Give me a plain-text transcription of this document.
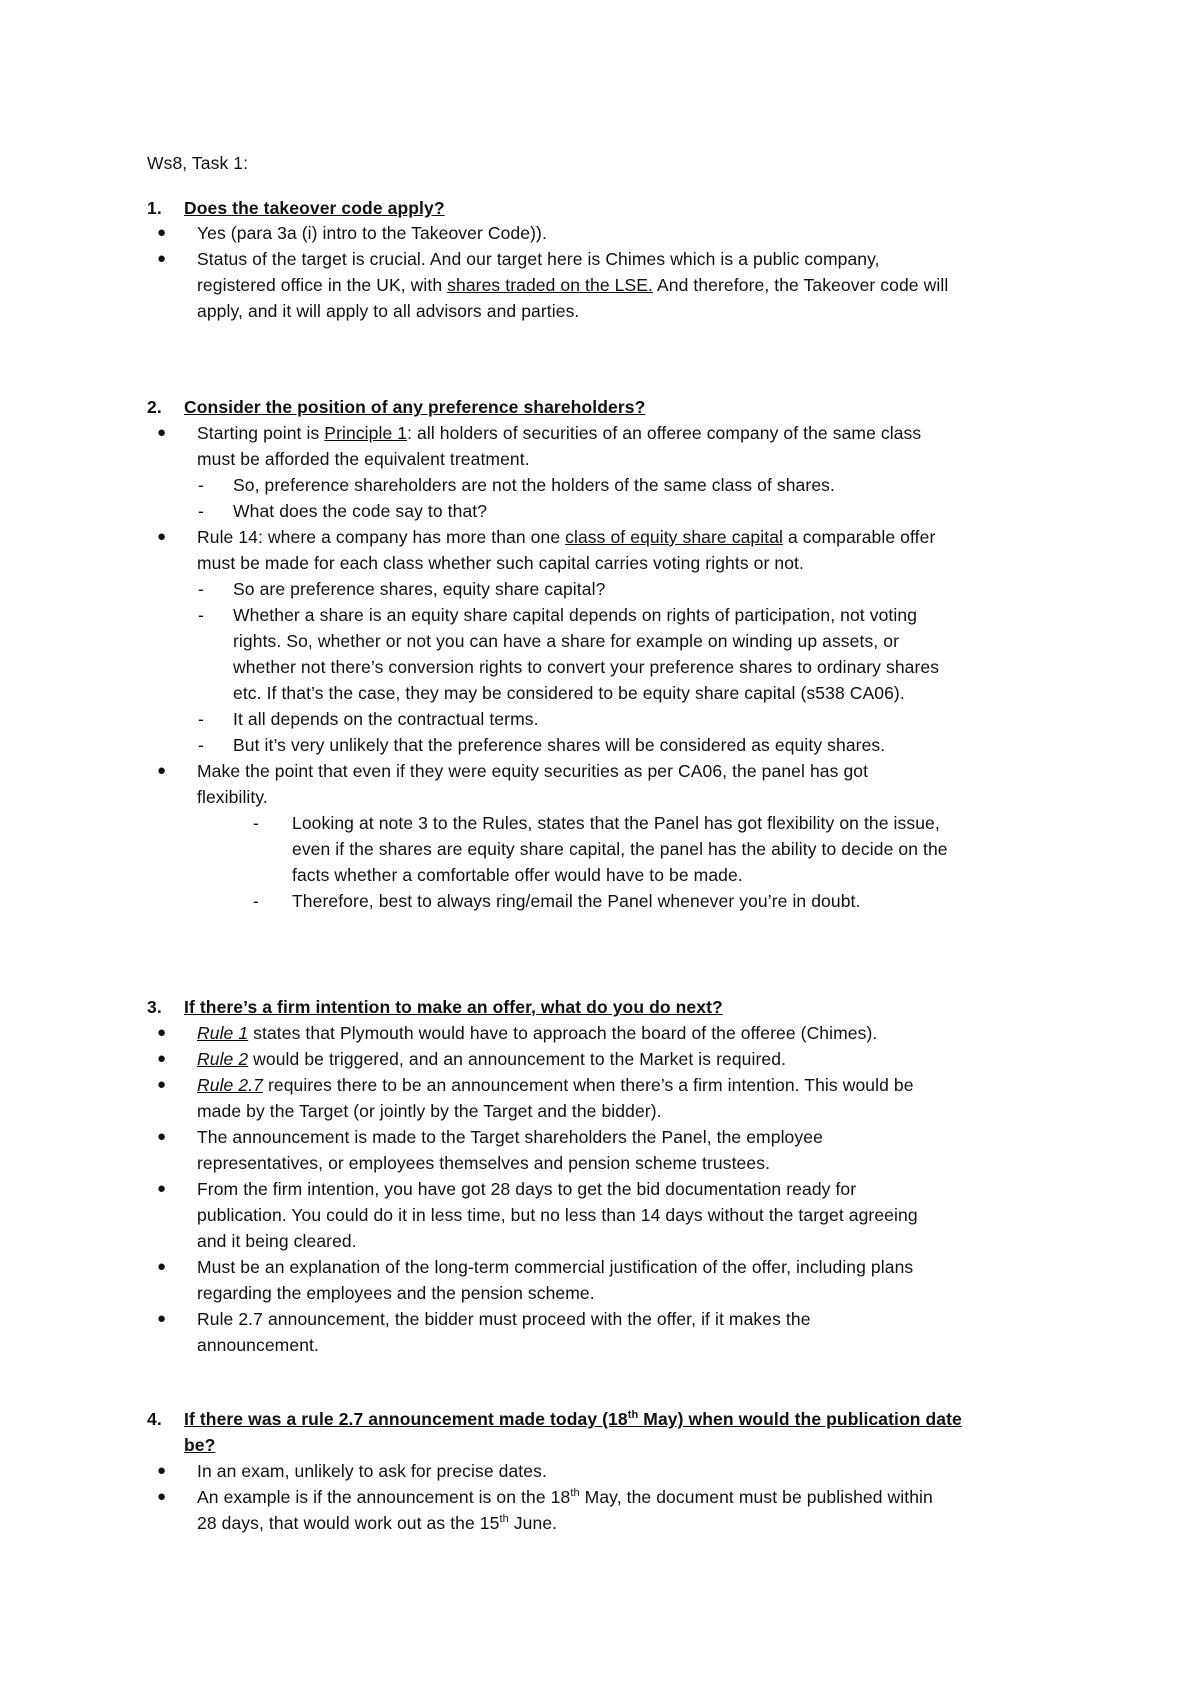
Ws8, Task 1:
1. Does the takeover code apply?
● Yes (para 3a (i) intro to the Takeover Code)).
● Status of the target is crucial. And our target here is Chimes which is a public company,
registered office in the UK, with shares traded on the LSE. And therefore, the Takeover code will
apply, and it will apply to all advisors and parties.
2. Consider the position of any preference shareholders?
● Starting point is Principle 1: all holders of securities of an offeree company of the same class
must be afforded the equivalent treatment.
- So, preference shareholders are not the holders of the same class of shares.
- What does the code say to that?
● Rule 14: where a company has more than one class of equity share capital a comparable offer
must be made for each class whether such capital carries voting rights or not.
- So are preference shares, equity share capital?
- Whether a share is an equity share capital depends on rights of participation, not voting
rights. So, whether or not you can have a share for example on winding up assets, or
whether not there’s conversion rights to convert your preference shares to ordinary shares
etc. If that’s the case, they may be considered to be equity share capital (s538 CA06).
- It all depends on the contractual terms.
- But it’s very unlikely that the preference shares will be considered as equity shares.
● Make the point that even if they were equity securities as per CA06, the panel has got
flexibility.
- Looking at note 3 to the Rules, states that the Panel has got flexibility on the issue,
even if the shares are equity share capital, the panel has the ability to decide on the
facts whether a comfortable offer would have to be made.
- Therefore, best to always ring/email the Panel whenever you’re in doubt.
3. If there’s a firm intention to make an offer, what do you do next?
● Rule 1 states that Plymouth would have to approach the board of the offeree (Chimes).
● Rule 2 would be triggered, and an announcement to the Market is required.
● Rule 2.7 requires there to be an announcement when there’s a firm intention. This would be
made by the Target (or jointly by the Target and the bidder).
● The announcement is made to the Target shareholders the Panel, the employee
representatives, or employees themselves and pension scheme trustees.
● From the firm intention, you have got 28 days to get the bid documentation ready for
publication. You could do it in less time, but no less than 14 days without the target agreeing
and it being cleared.
● Must be an explanation of the long-term commercial justification of the offer, including plans
regarding the employees and the pension scheme.
● Rule 2.7 announcement, the bidder must proceed with the offer, if it makes the
announcement.
4. If there was a rule 2.7 announcement made today (18th May) when would the publication date
be?
● In an exam, unlikely to ask for precise dates.
● An example is if the announcement is on the 18th May, the document must be published within
28 days, that would work out as the 15th June.
